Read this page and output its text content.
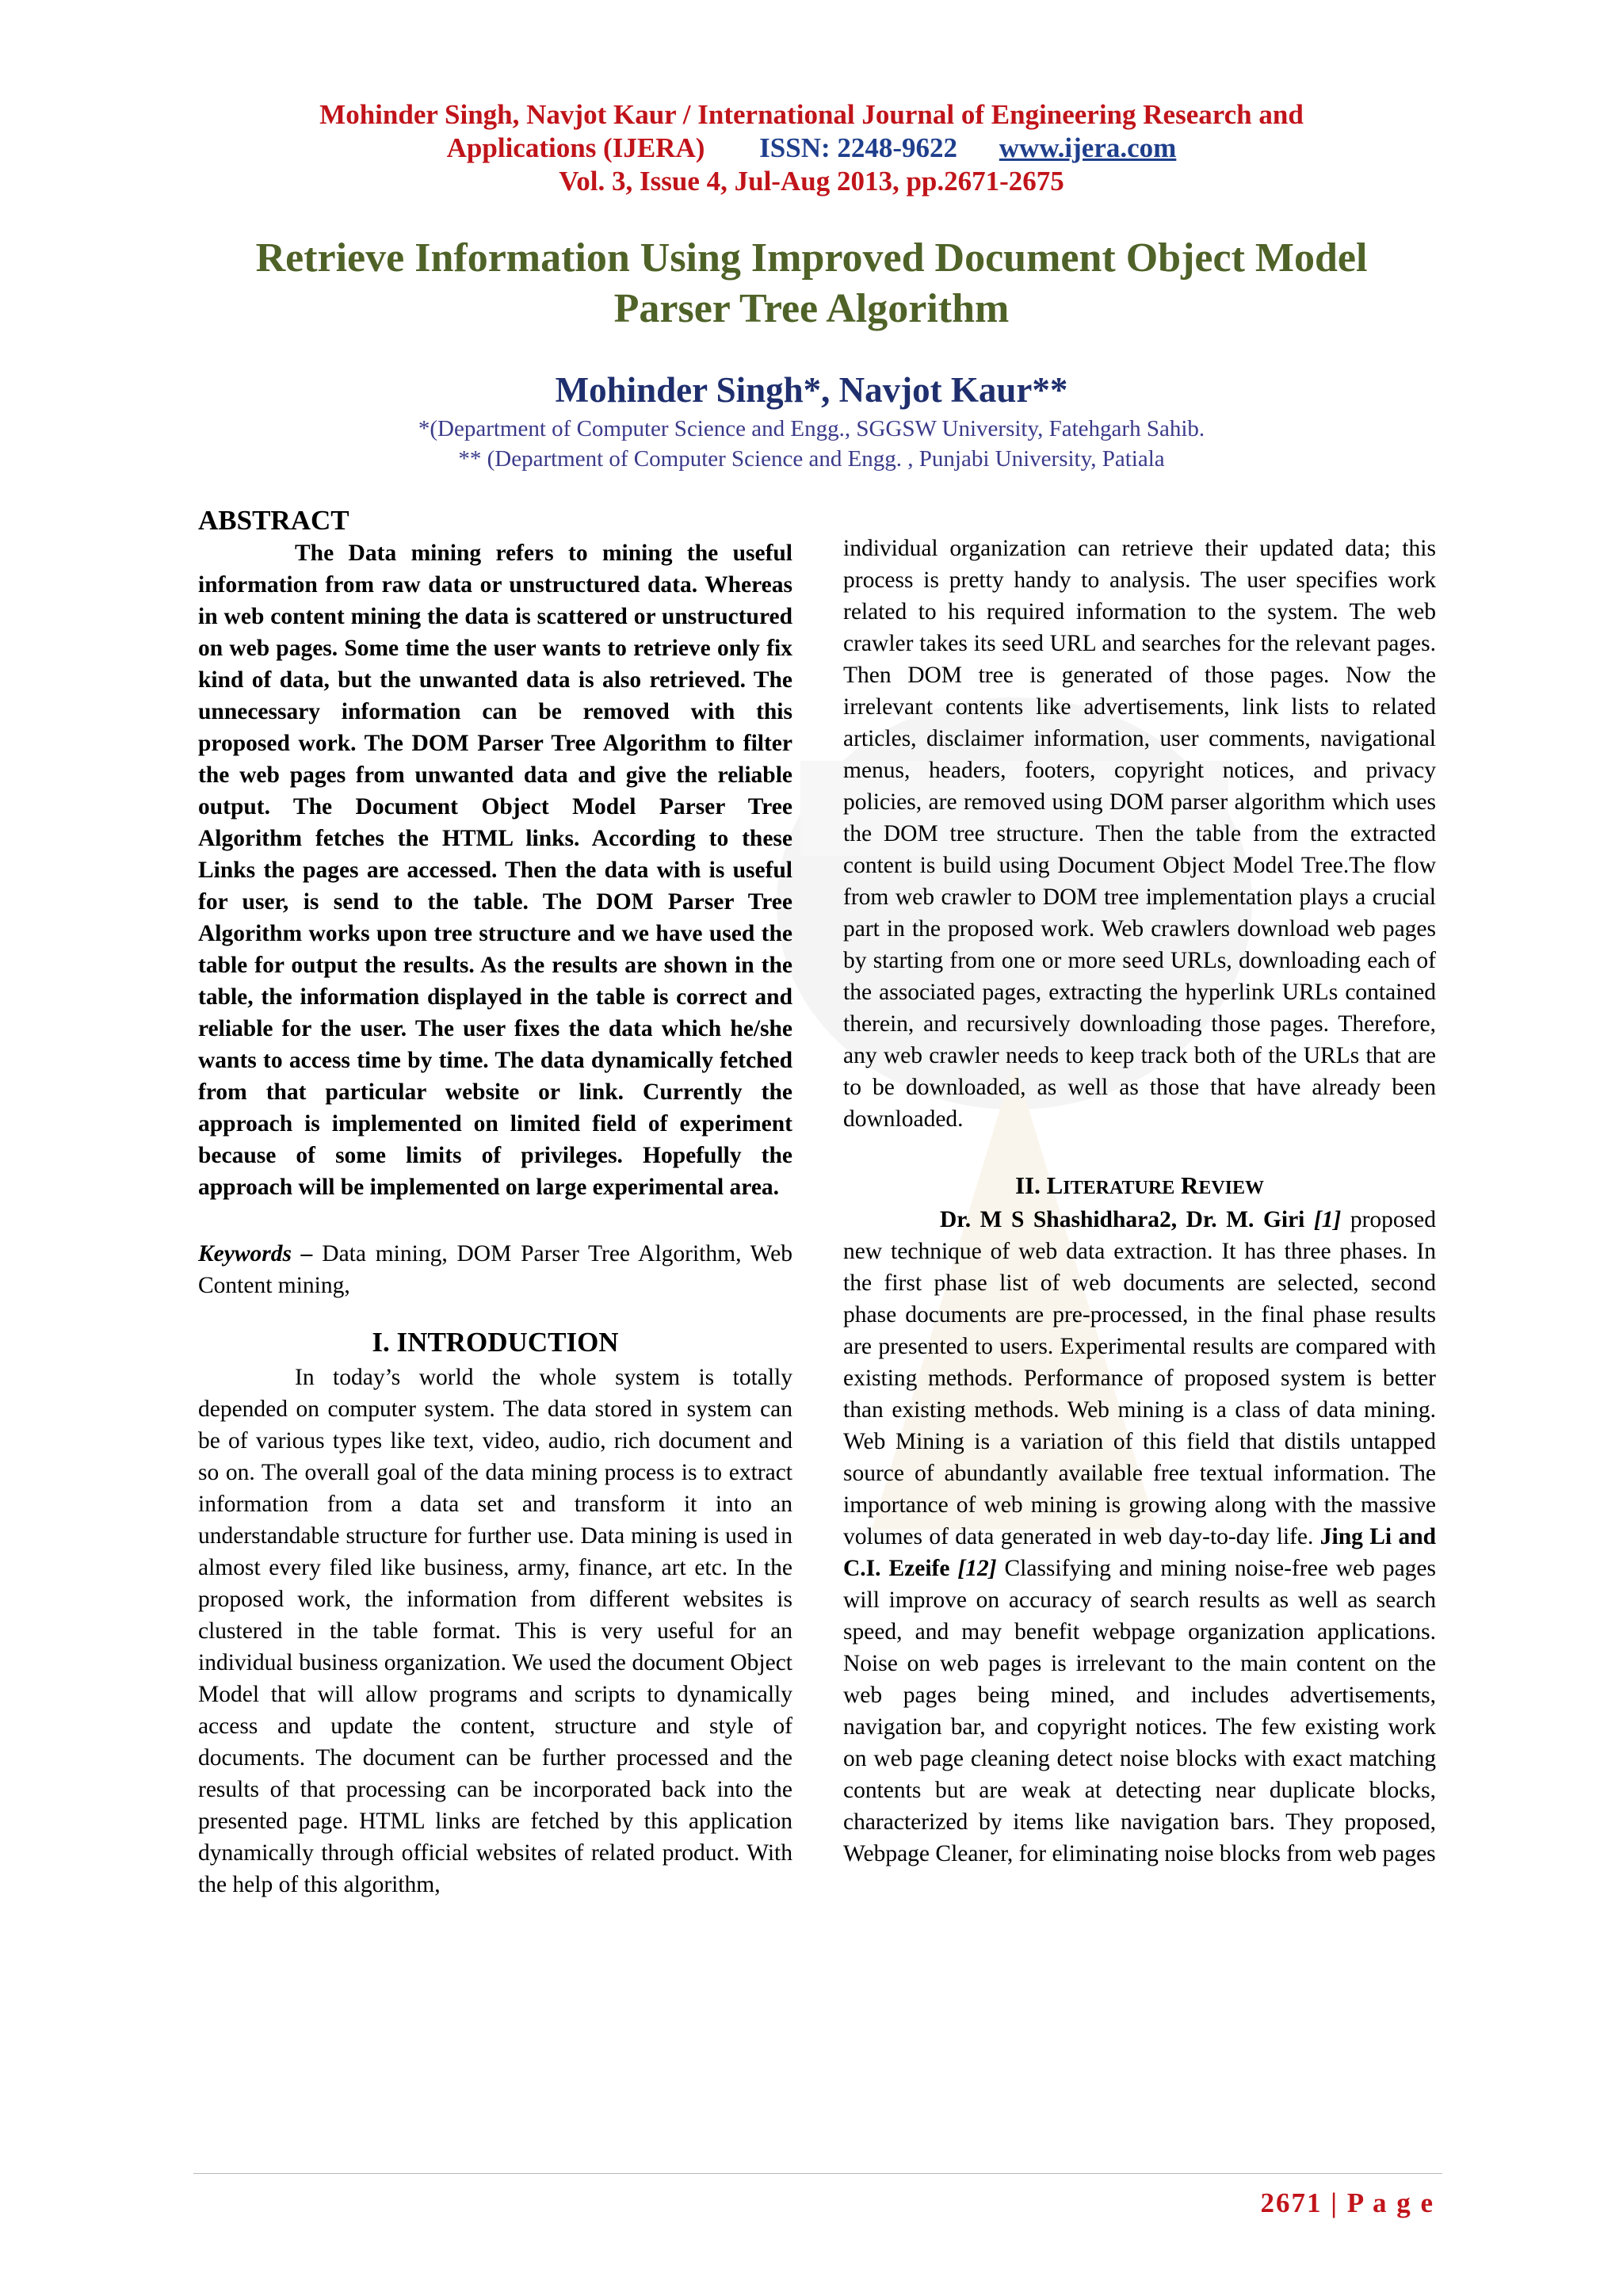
Mohinder Singh, Navjot Kaur / International Journal of Engineering Research and
Applications (IJERA) ISSN: 2248-9622 www.ijera.com
Vol. 3, Issue 4, Jul-Aug 2013, pp.2671-2675
Retrieve Information Using Improved Document Object Model
Parser Tree Algorithm
Mohinder Singh*, Navjot Kaur**
*(Department of Computer Science and Engg., SGGSW University, Fatehgarh Sahib.
** (Department of Computer Science and Engg. , Punjabi University, Patiala

ABSTRACT

The Data mining refers to mining the useful information from raw data or unstructured data. Whereas in web content mining the data is scattered or unstructured on web pages. Some time the user wants to retrieve only fix kind of data, but the unwanted data is also retrieved. The unnecessary information can be removed with this proposed work. The DOM Parser Tree Algorithm to filter the web pages from unwanted data and give the reliable output. The Document Object Model Parser Tree Algorithm fetches the HTML links. According to these Links the pages are accessed. Then the data with is useful for user, is send to the table. The DOM Parser Tree Algorithm works upon tree structure and we have used the table for output the results. As the results are shown in the table, the information displayed in the table is correct and reliable for the user. The user fixes the data which he/she wants to access time by time. The data dynamically fetched from that particular website or link. Currently the approach is implemented on limited field of experiment because of some limits of privileges. Hopefully the approach will be implemented on large experimental area.

Keywords – Data mining, DOM Parser Tree Algorithm, Web Content mining,

I. INTRODUCTION

In today’s world the whole system is totally depended on computer system. The data stored in system can be of various types like text, video, audio, rich document and so on. The overall goal of the data mining process is to extract information from a data set and transform it into an understandable structure for further use. Data mining is used in almost every filed like business, army, finance, art etc. In the proposed work, the information from different websites is clustered in the table format. This is very useful for an individual business organization. We used the document Object Model that will allow programs and scripts to dynamically access and update the content, structure and style of documents. The document can be further processed and the results of that processing can be incorporated back into the presented page. HTML links are fetched by this application dynamically through official websites of related product. With the help of this algorithm,

individual organization can retrieve their updated data; this process is pretty handy to analysis. The user specifies work related to his required information to the system. The web crawler takes its seed URL and searches for the relevant pages. Then DOM tree is generated of those pages. Now the irrelevant contents like advertisements, link lists to related articles, disclaimer information, user comments, navigational menus, headers, footers, copyright notices, and privacy policies, are removed using DOM parser algorithm which uses the DOM tree structure. Then the table from the extracted content is build using Document Object Model Tree.The flow from web crawler to DOM tree implementation plays a crucial part in the proposed work. Web crawlers download web pages by starting from one or more seed URLs, downloading each of the associated pages, extracting the hyperlink URLs contained therein, and recursively downloading those pages. Therefore, any web crawler needs to keep track both of the URLs that are to be downloaded, as well as those that have already been downloaded.

II. LITERATURE REVIEW

Dr. M S Shashidhara2, Dr. M. Giri [1] proposed new technique of web data extraction. It has three phases. In the first phase list of web documents are selected, second phase documents are pre-processed, in the final phase results are presented to users. Experimental results are compared with existing methods. Performance of proposed system is better than existing methods. Web mining is a class of data mining. Web Mining is a variation of this field that distils untapped source of abundantly available free textual information. The importance of web mining is growing along with the massive volumes of data generated in web day-to-day life. Jing Li and C.I. Ezeife [12] Classifying and mining noise-free web pages will improve on accuracy of search results as well as search speed, and may benefit webpage organization applications. Noise on web pages is irrelevant to the main content on the web pages being mined, and includes advertisements, navigation bar, and copyright notices. The few existing work on web page cleaning detect noise blocks with exact matching contents but are weak at detecting near duplicate blocks, characterized by items like navigation bars. They proposed, Webpage Cleaner, for eliminating noise blocks from web pages

2671 | P a g e
